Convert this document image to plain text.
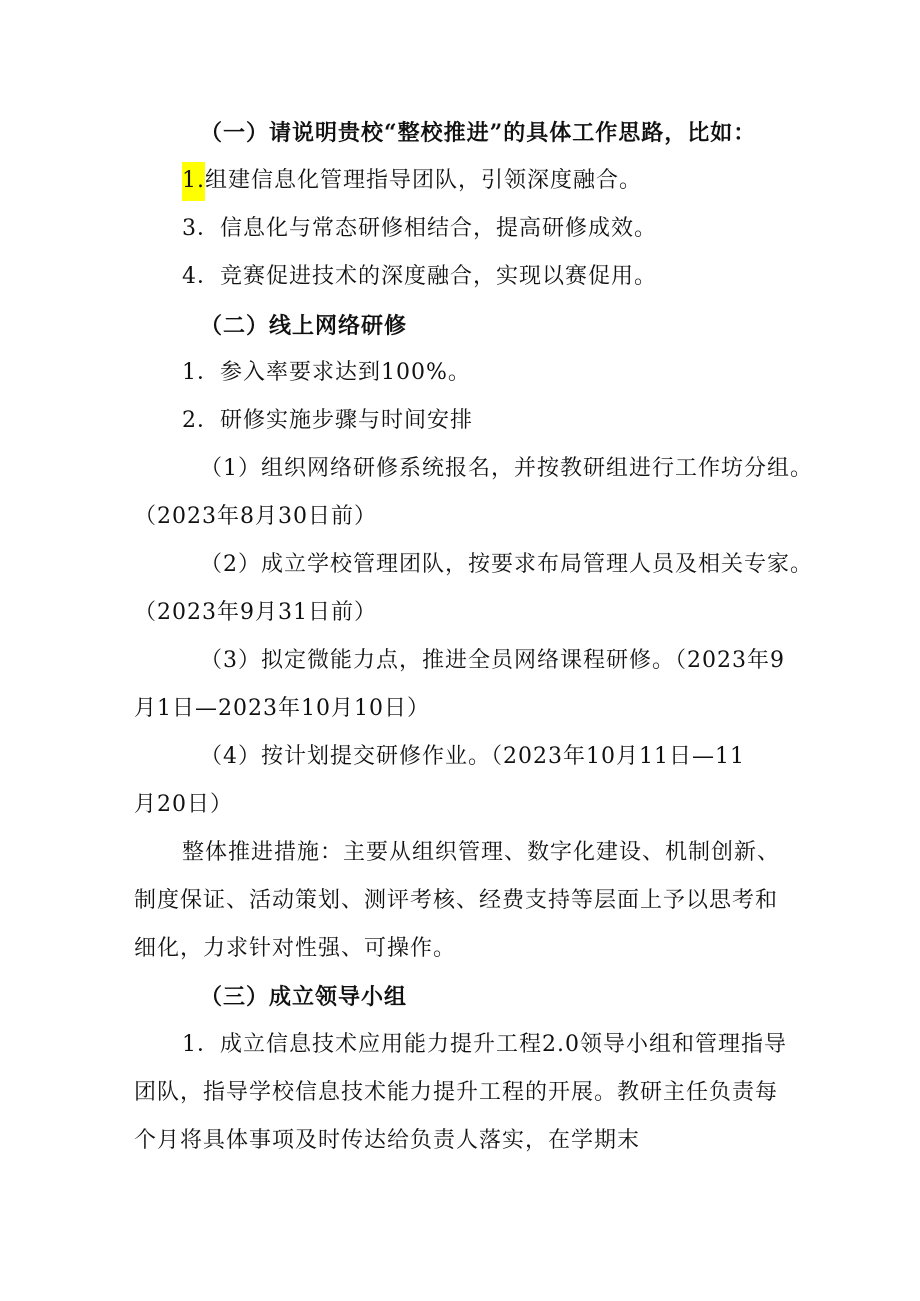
（一）请说明贵校“整校推进”的具体工作思路，比如：
1.组建信息化管理指导团队，引领深度融合。
3．信息化与常态研修相结合，提高研修成效。
4．竞赛促进技术的深度融合，实现以赛促用。
（二）线上网络研修
1．参入率要求达到100%。
2．研修实施步骤与时间安排
（1）组织网络研修系统报名，并按教研组进行工作坊分组。
（2023年8月30日前）
（2）成立学校管理团队，按要求布局管理人员及相关专家。
（2023年9月31日前）
（3）拟定微能力点，推进全员网络课程研修。（2023年9
月1日—2023年10月10日）
（4）按计划提交研修作业。（2023年10月11日—11
月20日）
整体推进措施：主要从组织管理、数字化建设、机制创新、
制度保证、活动策划、测评考核、经费支持等层面上予以思考和
细化，力求针对性强、可操作。
（三）成立领导小组
1．成立信息技术应用能力提升工程2.0领导小组和管理指导
团队，指导学校信息技术能力提升工程的开展。教研主任负责每
个月将具体事项及时传达给负责人落实，在学期末
